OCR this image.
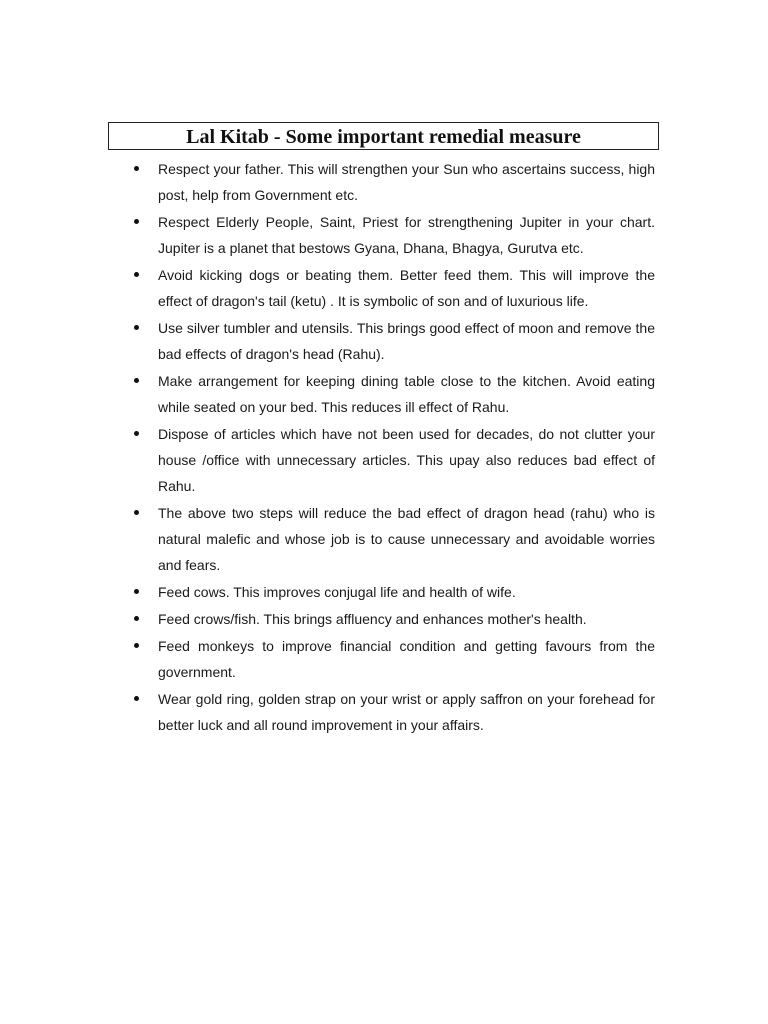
Lal Kitab - Some important remedial measure
Respect your father. This will strengthen your Sun who ascertains success, high post, help from Government etc.
Respect Elderly People, Saint, Priest for strengthening Jupiter in your chart. Jupiter is a planet that bestows Gyana, Dhana, Bhagya, Gurutva etc.
Avoid kicking dogs or beating them. Better feed them. This will improve the effect of dragon's tail (ketu) . It is symbolic of son and of luxurious life.
Use silver tumbler and utensils. This brings good effect of moon and remove the bad effects of dragon's head (Rahu).
Make arrangement for keeping dining table close to the kitchen. Avoid eating while seated on your bed. This reduces ill effect of Rahu.
Dispose of articles which have not been used for decades, do not clutter your house /office with unnecessary articles. This upay also reduces bad effect of Rahu.
The above two steps will reduce the bad effect of dragon head (rahu) who is natural malefic and whose job is to cause unnecessary and avoidable worries and fears.
Feed cows. This improves conjugal life and health of wife.
Feed crows/fish. This brings affluency and enhances mother's health.
Feed monkeys to improve financial condition and getting favours from the government.
Wear gold ring, golden strap on your wrist or apply saffron on your forehead for better luck and all round improvement in your affairs.
